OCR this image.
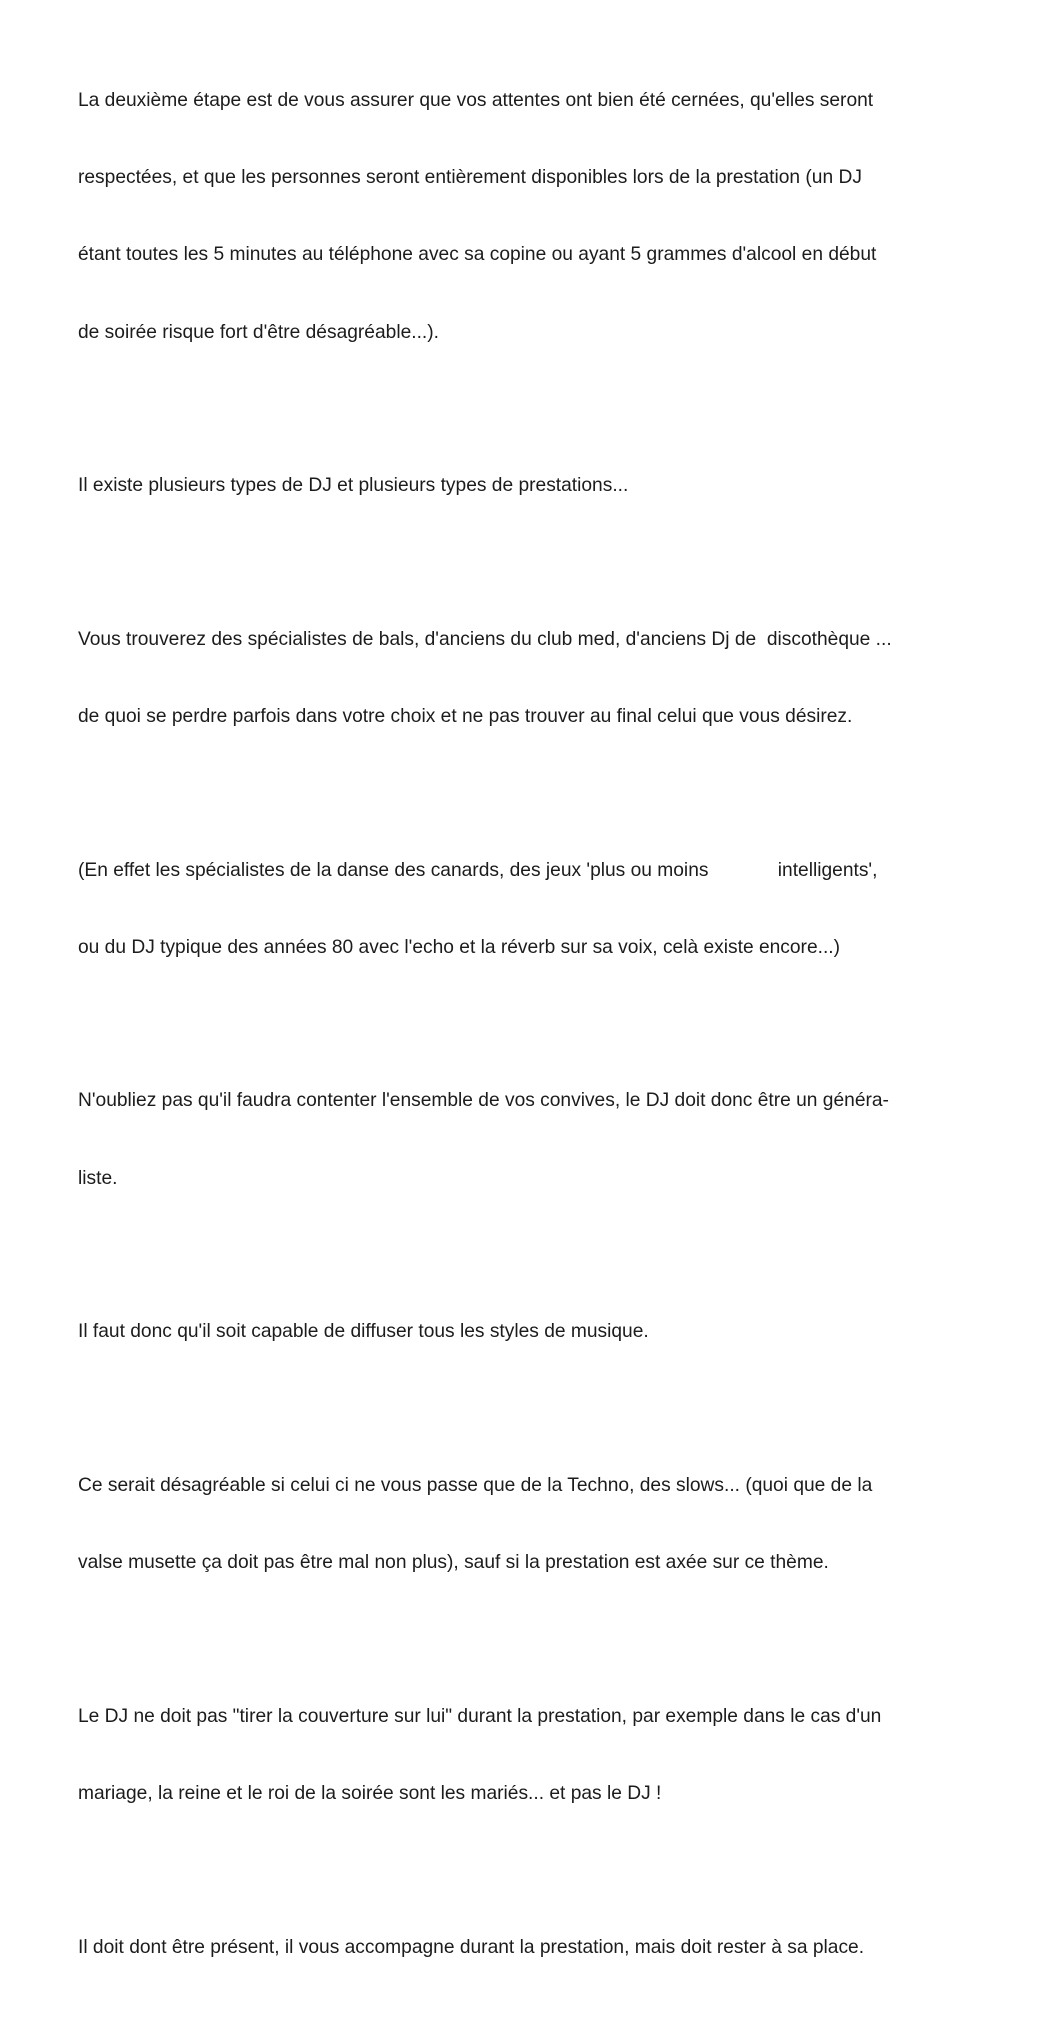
La deuxième étape est de vous assurer que vos attentes ont bien été cernées, qu'elles seront

respectées, et que les personnes seront entièrement disponibles lors de la prestation (un DJ

étant toutes les 5 minutes au téléphone avec sa copine ou ayant 5 grammes d'alcool en début

de soirée risque fort d'être désagréable...).

Il existe plusieurs types de DJ et plusieurs types de prestations...

Vous trouverez des spécialistes de bals, d'anciens du club med, d'anciens Dj de  discothèque ...

de quoi se perdre parfois dans votre choix et ne pas trouver au final celui que vous désirez.

(En effet les spécialistes de la danse des canards, des jeux 'plus ou moins             intelligents',

ou du DJ typique des années 80 avec l'echo et la réverb sur sa voix, celà existe encore...)

N'oubliez pas qu'il faudra contenter l'ensemble de vos convives, le DJ doit donc être un généra-

liste.

Il faut donc qu'il soit capable de diffuser tous les styles de musique.

Ce serait désagréable si celui ci ne vous passe que de la Techno, des slows... (quoi que de la

valse musette ça doit pas être mal non plus), sauf si la prestation est axée sur ce thème.

Le DJ ne doit pas "tirer la couverture sur lui" durant la prestation, par exemple dans le cas d'un

mariage, la reine et le roi de la soirée sont les mariés... et pas le DJ !

Il doit dont être présent, il vous accompagne durant la prestation, mais doit rester à sa place.
